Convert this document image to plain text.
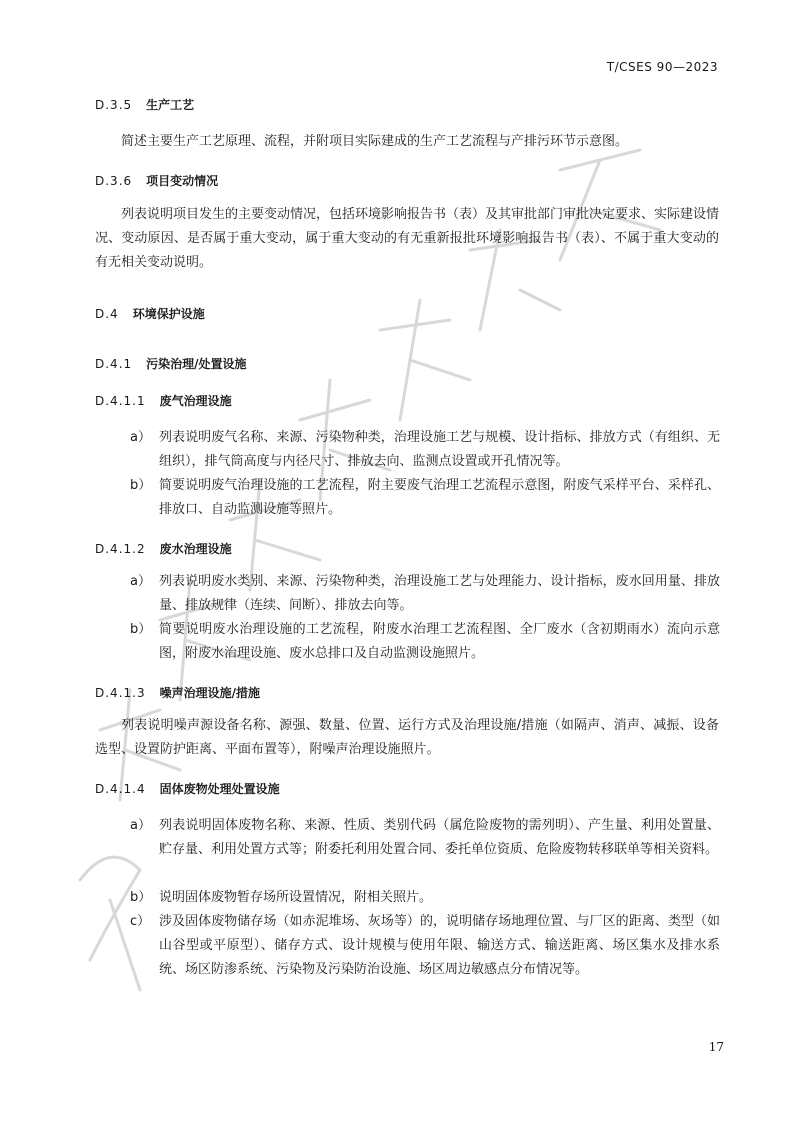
T/CSES 90—2023
D.3.5 生产工艺
简述主要生产工艺原理、流程，并附项目实际建成的生产工艺流程与产排污环节示意图。
D.3.6 项目变动情况
列表说明项目发生的主要变动情况，包括环境影响报告书（表）及其审批部门审批决定要求、实际建设情况、变动原因、是否属于重大变动，属于重大变动的有无重新报批环境影响报告书（表）、不属于重大变动的有无相关变动说明。
D.4 环境保护设施
D.4.1 污染治理/处置设施
D.4.1.1 废气治理设施
a） 列表说明废气名称、来源、污染物种类，治理设施工艺与规模、设计指标、排放方式（有组织、无组织），排气筒高度与内径尺寸、排放去向、监测点设置或开孔情况等。
b） 简要说明废气治理设施的工艺流程，附主要废气治理工艺流程示意图，附废气采样平台、采样孔、排放口、自动监测设施等照片。
D.4.1.2 废水治理设施
a） 列表说明废水类别、来源、污染物种类，治理设施工艺与处理能力、设计指标，废水回用量、排放量、排放规律（连续、间断）、排放去向等。
b） 简要说明废水治理设施的工艺流程，附废水治理工艺流程图、全厂废水（含初期雨水）流向示意图，附废水治理设施、废水总排口及自动监测设施照片。
D.4.1.3 噪声治理设施/措施
列表说明噪声源设备名称、源强、数量、位置、运行方式及治理设施/措施（如隔声、消声、减振、设备选型、设置防护距离、平面布置等），附噪声治理设施照片。
D.4.1.4 固体废物处理处置设施
a） 列表说明固体废物名称、来源、性质、类别代码（属危险废物的需列明）、产生量、利用处置量、贮存量、利用处置方式等；附委托利用处置合同、委托单位资质、危险废物转移联单等相关资料。
b） 说明固体废物暂存场所设置情况，附相关照片。
c） 涉及固体废物储存场（如赤泥堆场、灰场等）的，说明储存场地理位置、与厂区的距离、类型（如山谷型或平原型）、储存方式、设计规模与使用年限、输送方式、输送距离、场区集水及排水系统、场区防渗系统、污染物及污染防治设施、场区周边敏感点分布情况等。
17
